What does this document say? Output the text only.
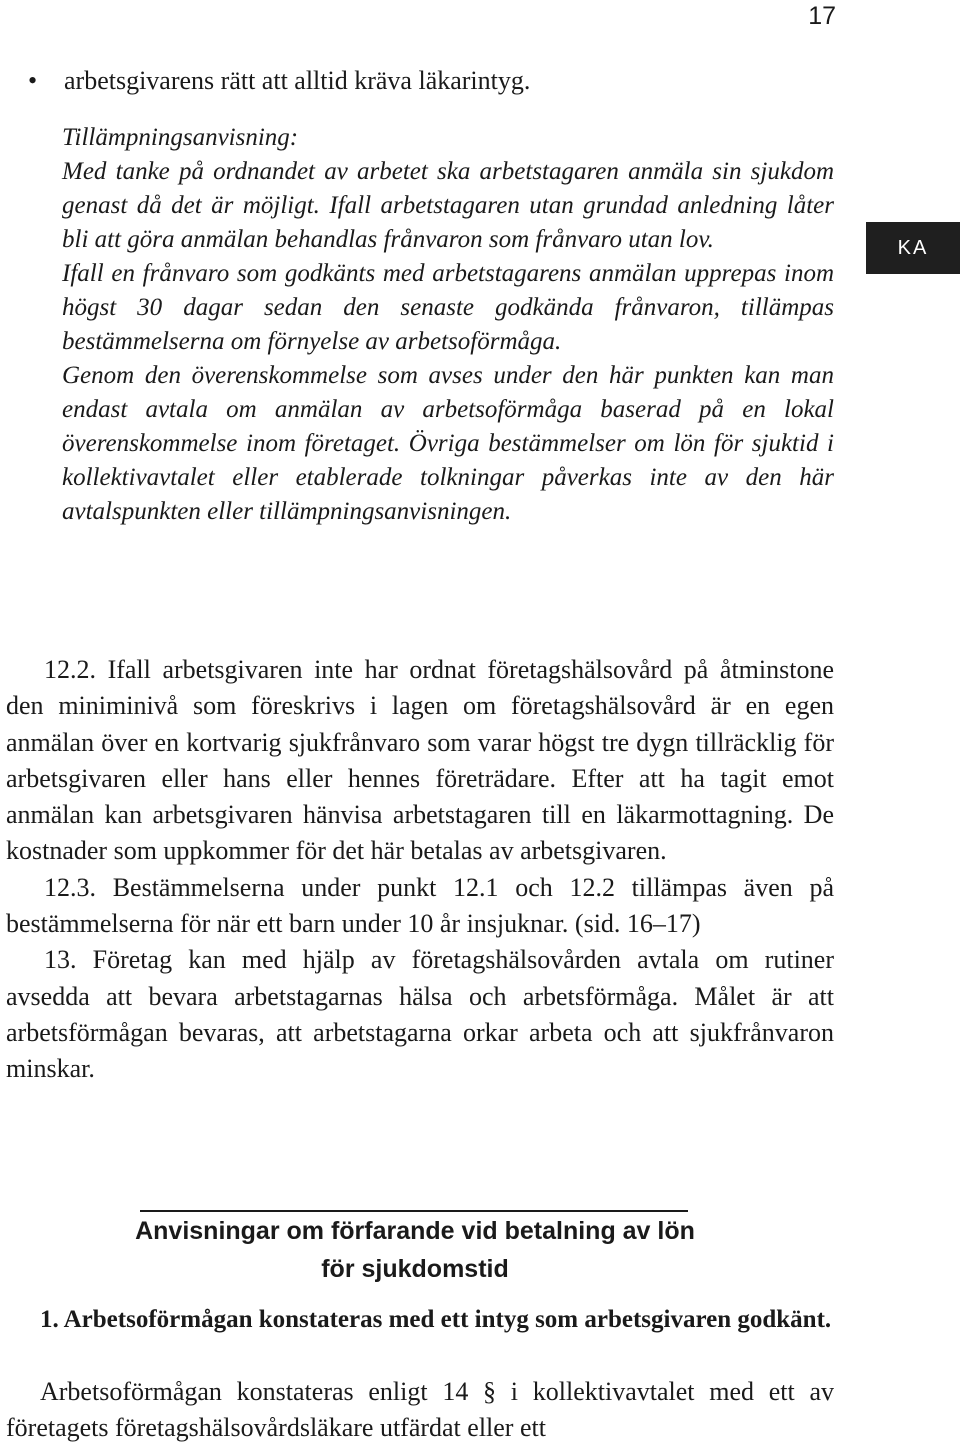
17
KA
• arbetsgivarens rätt att alltid kräva läkarintyg.

Tillämpningsanvisning:

Med tanke på ordnandet av arbetet ska arbetstagaren anmäla sin sjukdom genast då det är möjligt. Ifall arbetstagaren utan grundad anledning låter bli att göra anmälan behandlas frånvaron som frånvaro utan lov.

Ifall en frånvaro som godkänts med arbetstagarens anmälan upprepas inom högst 30 dagar sedan den senaste godkända frånvaron, tillämpas bestämmelserna om förnyelse av arbetsoförmåga.

Genom den överenskommelse som avses under den här punkten kan man endast avtala om anmälan av arbetsoförmåga baserad på en lokal överenskommelse inom företaget. Övriga bestämmelser om lön för sjuktid i kollektivavtalet eller etablerade tolkningar påverkas inte av den här avtalspunkten eller tillämpningsanvisningen.

12.2. Ifall arbetsgivaren inte har ordnat företagshälsovård på åtminstone den miniminivå som föreskrivs i lagen om företagshälsovård är en egen anmälan över en kortvarig sjukfrånvaro som varar högst tre dygn tillräcklig för arbetsgivaren eller hans eller hennes företrädare. Efter att ha tagit emot anmälan kan arbetsgivaren hänvisa arbetstagaren till en läkarmottagning. De kostnader som uppkommer för det här betalas av arbetsgivaren.

12.3. Bestämmelserna under punkt 12.1 och 12.2 tillämpas även på bestämmelserna för när ett barn under 10 år insjuknar. (sid. 16–17)

13. Företag kan med hjälp av företagshälsovården avtala om rutiner avsedda att bevara arbetstagarnas hälsa och arbetsförmåga. Målet är att arbetsförmågan bevaras, att arbetstagarna orkar arbeta och att sjukfrånvaron minskar.

Anvisningar om förfarande vid betalning av lön för sjukdomstid
1. Arbetsoförmågan konstateras med ett intyg som arbetsgivaren godkänt.

Arbetsoförmågan konstateras enligt 14 § i kollektivavtalet med ett av företagets företagshälsovårdsläkare utfärdat eller ett
